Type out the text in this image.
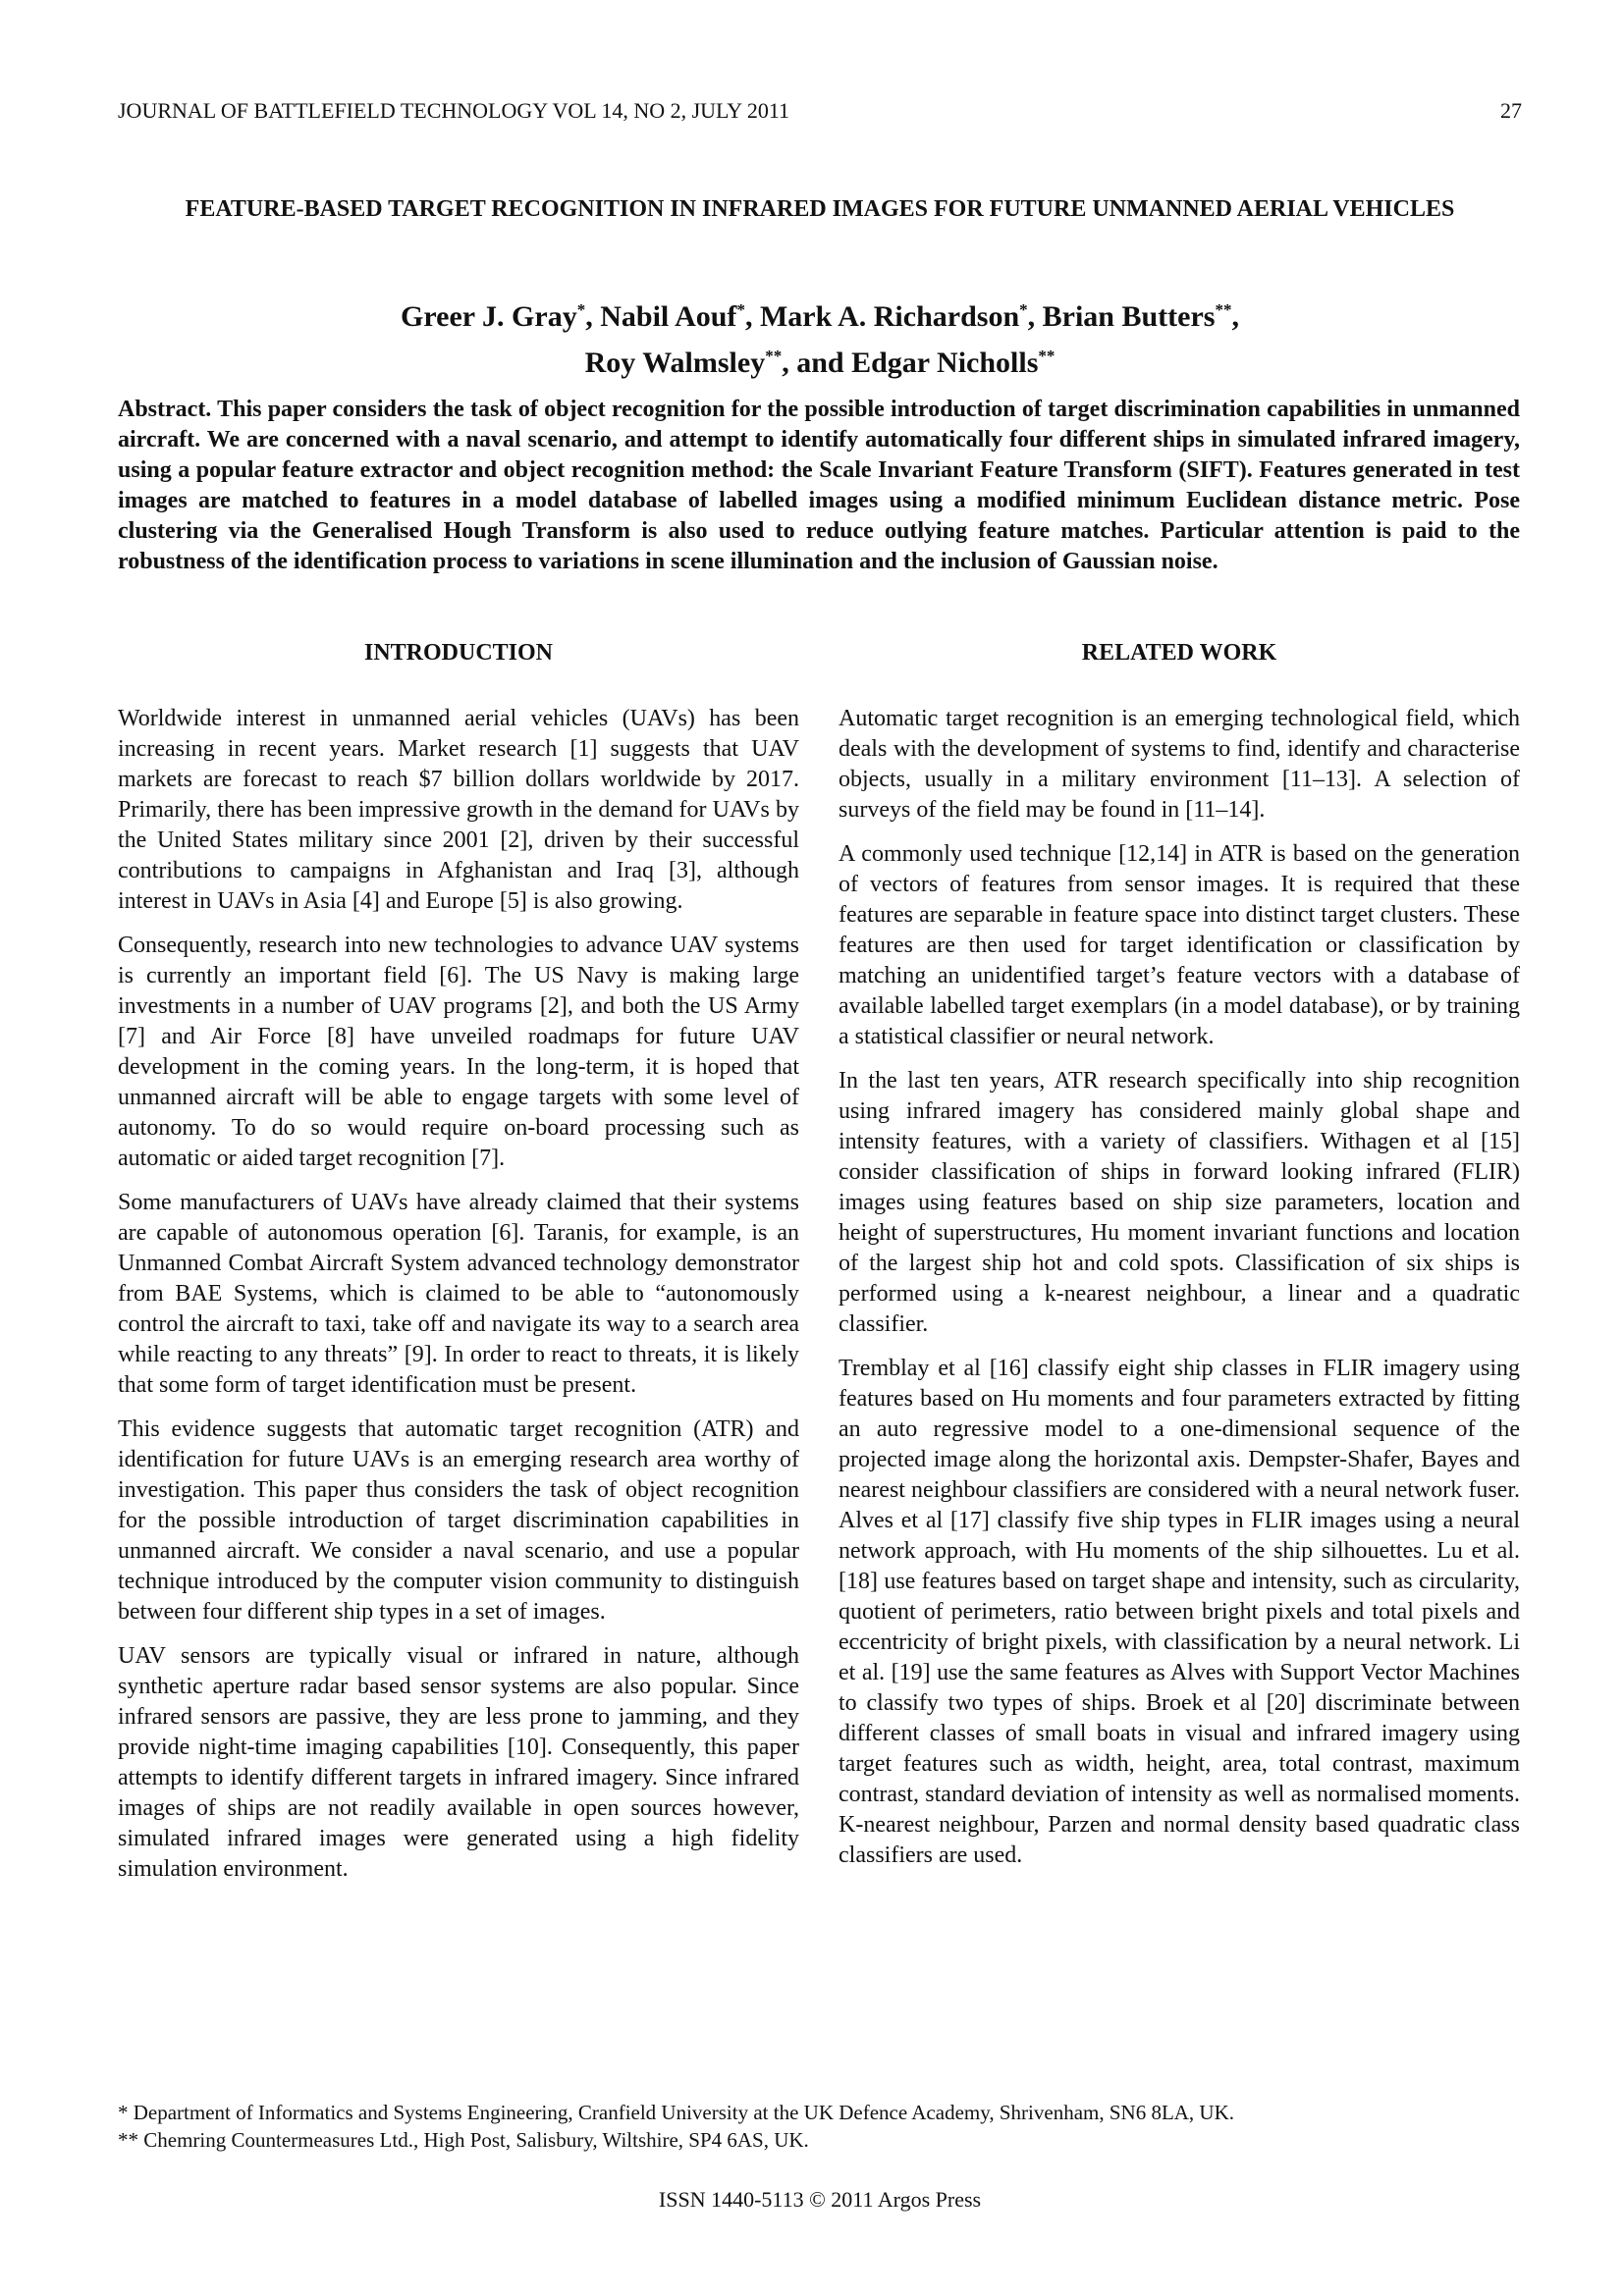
JOURNAL OF BATTLEFIELD TECHNOLOGY VOL 14, NO 2, JULY 2011	27
FEATURE-BASED TARGET RECOGNITION IN INFRARED IMAGES FOR FUTURE UNMANNED AERIAL VEHICLES
Greer J. Gray*, Nabil Aouf*, Mark A. Richardson*, Brian Butters**,
Roy Walmsley**, and Edgar Nicholls**
Abstract. This paper considers the task of object recognition for the possible introduction of target discrimination capabilities in unmanned aircraft. We are concerned with a naval scenario, and attempt to identify automatically four different ships in simulated infrared imagery, using a popular feature extractor and object recognition method: the Scale Invariant Feature Transform (SIFT). Features generated in test images are matched to features in a model database of labelled images using a modified minimum Euclidean distance metric. Pose clustering via the Generalised Hough Transform is also used to reduce outlying feature matches. Particular attention is paid to the robustness of the identification process to variations in scene illumination and the inclusion of Gaussian noise.
INTRODUCTION

Worldwide interest in unmanned aerial vehicles (UAVs) has been increasing in recent years. Market research [1] suggests that UAV markets are forecast to reach $7 billion dollars worldwide by 2017. Primarily, there has been impressive growth in the demand for UAVs by the United States military since 2001 [2], driven by their successful contributions to campaigns in Afghanistan and Iraq [3], although interest in UAVs in Asia [4] and Europe [5] is also growing.

Consequently, research into new technologies to advance UAV systems is currently an important field [6]. The US Navy is making large investments in a number of UAV programs [2], and both the US Army [7] and Air Force [8] have unveiled roadmaps for future UAV development in the coming years. In the long-term, it is hoped that unmanned aircraft will be able to engage targets with some level of autonomy. To do so would require on-board processing such as automatic or aided target recognition [7].

Some manufacturers of UAVs have already claimed that their systems are capable of autonomous operation [6]. Taranis, for example, is an Unmanned Combat Aircraft System advanced technology demonstrator from BAE Systems, which is claimed to be able to “autonomously control the aircraft to taxi, take off and navigate its way to a search area while reacting to any threats” [9]. In order to react to threats, it is likely that some form of target identification must be present.

This evidence suggests that automatic target recognition (ATR) and identification for future UAVs is an emerging research area worthy of investigation. This paper thus considers the task of object recognition for the possible introduction of target discrimination capabilities in unmanned aircraft. We consider a naval scenario, and use a popular technique introduced by the computer vision community to distinguish between four different ship types in a set of images.

UAV sensors are typically visual or infrared in nature, although synthetic aperture radar based sensor systems are also popular. Since infrared sensors are passive, they are less prone to jamming, and they provide night-time imaging capabilities [10]. Consequently, this paper attempts to identify different targets in infrared imagery. Since infrared images of ships are not readily available in open sources however, simulated infrared images were generated using a high fidelity simulation environment.

RELATED WORK

Automatic target recognition is an emerging technological field, which deals with the development of systems to find, identify and characterise objects, usually in a military environment [11–13]. A selection of surveys of the field may be found in [11–14].

A commonly used technique [12,14] in ATR is based on the generation of vectors of features from sensor images. It is required that these features are separable in feature space into distinct target clusters. These features are then used for target identification or classification by matching an unidentified target’s feature vectors with a database of available labelled target exemplars (in a model database), or by training a statistical classifier or neural network.

In the last ten years, ATR research specifically into ship recognition using infrared imagery has considered mainly global shape and intensity features, with a variety of classifiers. Withagen et al [15] consider classification of ships in forward looking infrared (FLIR) images using features based on ship size parameters, location and height of superstructures, Hu moment invariant functions and location of the largest ship hot and cold spots. Classification of six ships is performed using a k-nearest neighbour, a linear and a quadratic classifier.

Tremblay et al [16] classify eight ship classes in FLIR imagery using features based on Hu moments and four parameters extracted by fitting an auto regressive model to a one-dimensional sequence of the projected image along the horizontal axis. Dempster-Shafer, Bayes and nearest neighbour classifiers are considered with a neural network fuser. Alves et al [17] classify five ship types in FLIR images using a neural network approach, with Hu moments of the ship silhouettes. Lu et al. [18] use features based on target shape and intensity, such as circularity, quotient of perimeters, ratio between bright pixels and total pixels and eccentricity of bright pixels, with classification by a neural network. Li et al. [19] use the same features as Alves with Support Vector Machines to classify two types of ships. Broek et al [20] discriminate between different classes of small boats in visual and infrared imagery using target features such as width, height, area, total contrast, maximum contrast, standard deviation of intensity as well as normalised moments. K-nearest neighbour, Parzen and normal density based quadratic class classifiers are used.

* Department of Informatics and Systems Engineering, Cranfield University at the UK Defence Academy, Shrivenham, SN6 8LA, UK.
** Chemring Countermeasures Ltd., High Post, Salisbury, Wiltshire, SP4 6AS, UK.
ISSN 1440-5113 © 2011 Argos Press
